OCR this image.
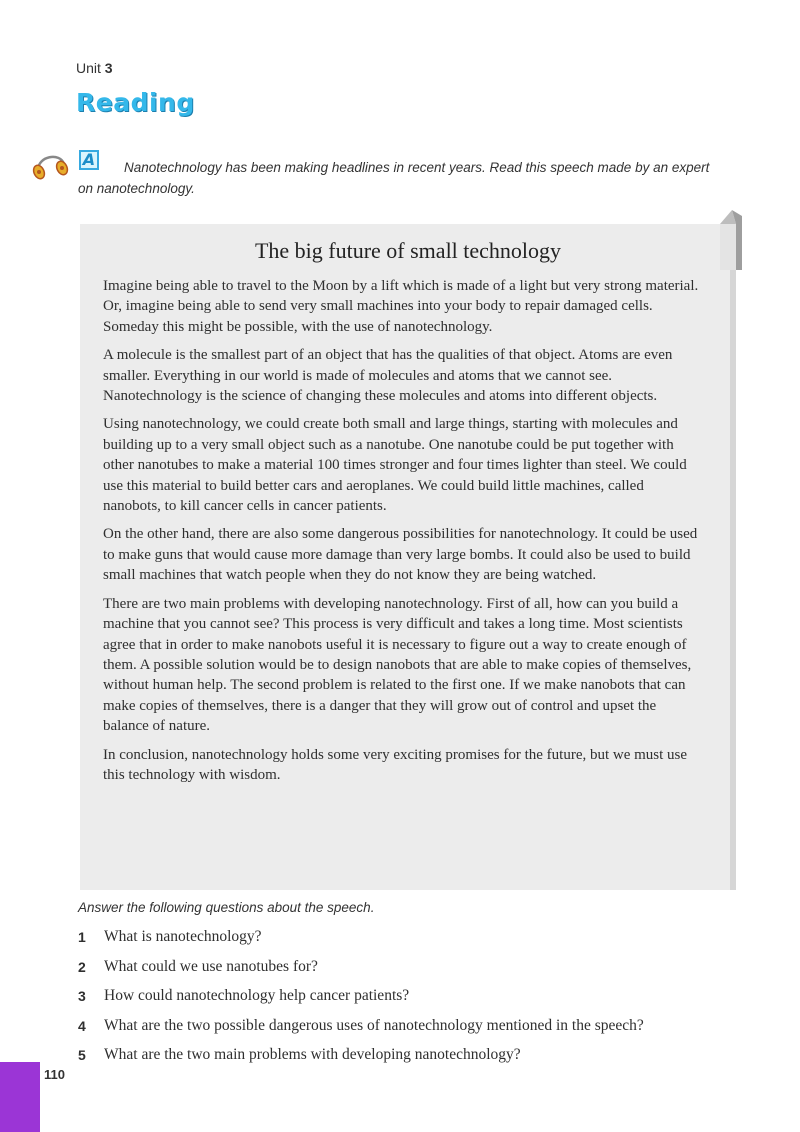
Unit 3
Reading
A	Nanotechnology has been making headlines in recent years. Read this speech made by an expert on nanotechnology.

The big future of small technology

Imagine being able to travel to the Moon by a lift which is made of a light but very strong material. Or, imagine being able to send very small machines into your body to repair damaged cells. Someday this might be possible, with the use of nanotechnology.

A molecule is the smallest part of an object that has the qualities of that object. Atoms are even smaller. Everything in our world is made of molecules and atoms that we cannot see. Nanotechnology is the science of changing these molecules and atoms into different objects.

Using nanotechnology, we could create both small and large things, starting with molecules and building up to a very small object such as a nanotube. One nanotube could be put together with other nanotubes to make a material 100 times stronger and four times lighter than steel. We could use this material to build better cars and aeroplanes. We could build little machines, called nanobots, to kill cancer cells in cancer patients.

On the other hand, there are also some dangerous possibilities for nanotechnology. It could be used to make guns that would cause more damage than very large bombs. It could also be used to build small machines that watch people when they do not know they are being watched.

There are two main problems with developing nanotechnology. First of all, how can you build a machine that you cannot see? This process is very difficult and takes a long time. Most scientists agree that in order to make nanobots useful it is necessary to figure out a way to create enough of them. A possible solution would be to design nanobots that are able to make copies of themselves, without human help. The second problem is related to the first one. If we make nanobots that can make copies of themselves, there is a danger that they will grow out of control and upset the balance of nature.

In conclusion, nanotechnology holds some very exciting promises for the future, but we must use this technology with wisdom.

Answer the following questions about the speech.

1	What is nanotechnology?
2	What could we use nanotubes for?
3	How could nanotechnology help cancer patients?
4	What are the two possible dangerous uses of nanotechnology mentioned in the speech?
5	What are the two main problems with developing nanotechnology?
110
